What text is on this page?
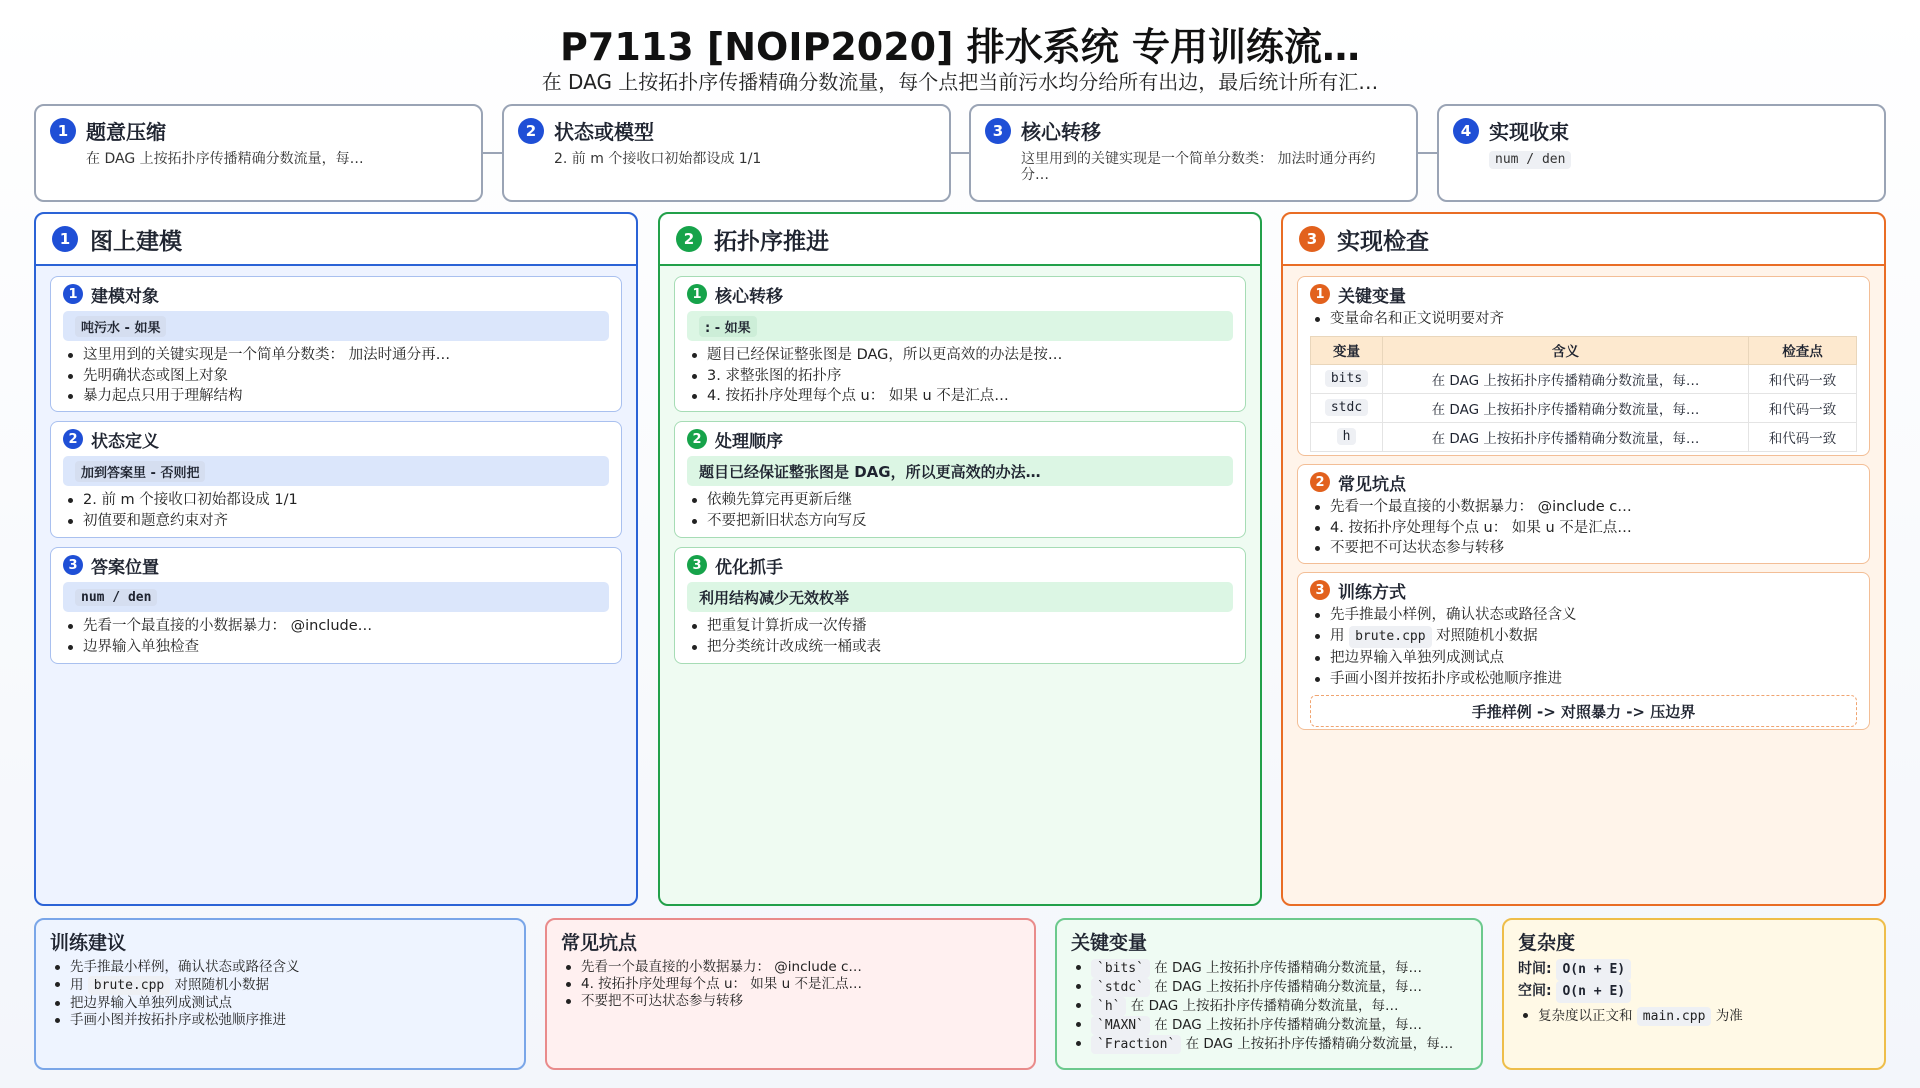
P7113 [NOIP2020] 排水系统 专用训练流…
在 DAG 上按拓扑序传播精确分数流量，每个点把当前污水均分给所有出边，最后统计所有汇…
1 题意压缩
在 DAG 上按拓扑序传播精确分数流量，每…
2 状态或模型
2. 前 m 个接收口初始都设成 1/1
3 核心转移
这里用到的关键实现是一个简单分数类： 加法时通分再约分…
4 实现收束
num / den
1 图上建模
1 建模对象
吨污水 - 如果
这里用到的关键实现是一个简单分数类： 加法时通分再…
先明确状态或图上对象
暴力起点只用于理解结构
2 状态定义
加到答案里 - 否则把
2. 前 m 个接收口初始都设成 1/1
初值要和题意约束对齐
3 答案位置
num / den
先看一个最直接的小数据暴力： @include…
边界输入单独检查
2 拓扑序推进
1 核心转移
: - 如果
题目已经保证整张图是 DAG，所以更高效的办法是按…
3. 求整张图的拓扑序
4. 按拓扑序处理每个点 u： 如果 u 不是汇点…
2 处理顺序
题目已经保证整张图是 DAG，所以更高效的办法…
依赖先算完再更新后继
不要把新旧状态方向写反
3 优化抓手
利用结构减少无效枚举
把重复计算折成一次传播
把分类统计改成统一桶或表
3 实现检查
1 关键变量
变量命名和正文说明要对齐
变量	含义	检查点
bits	在 DAG 上按拓扑序传播精确分数流量，每…	和代码一致
stdc	在 DAG 上按拓扑序传播精确分数流量，每…	和代码一致
h	在 DAG 上按拓扑序传播精确分数流量，每…	和代码一致
2 常见坑点
先看一个最直接的小数据暴力： @include c…
4. 按拓扑序处理每个点 u： 如果 u 不是汇点…
不要把不可达状态参与转移
3 训练方式
先手推最小样例，确认状态或路径含义
用 brute.cpp 对照随机小数据
把边界输入单独列成测试点
手画小图并按拓扑序或松弛顺序推进
手推样例 -> 对照暴力 -> 压边界
训练建议
先手推最小样例，确认状态或路径含义
用 brute.cpp 对照随机小数据
把边界输入单独列成测试点
手画小图并按拓扑序或松弛顺序推进
常见坑点
先看一个最直接的小数据暴力： @include c…
4. 按拓扑序处理每个点 u： 如果 u 不是汇点…
不要把不可达状态参与转移
关键变量
`bits` 在 DAG 上按拓扑序传播精确分数流量，每…
`stdc` 在 DAG 上按拓扑序传播精确分数流量，每…
`h` 在 DAG 上按拓扑序传播精确分数流量，每…
`MAXN` 在 DAG 上按拓扑序传播精确分数流量，每…
`Fraction` 在 DAG 上按拓扑序传播精确分数流量，每…
复杂度
时间: O(n + E)
空间: O(n + E)
复杂度以正文和 main.cpp 为准
